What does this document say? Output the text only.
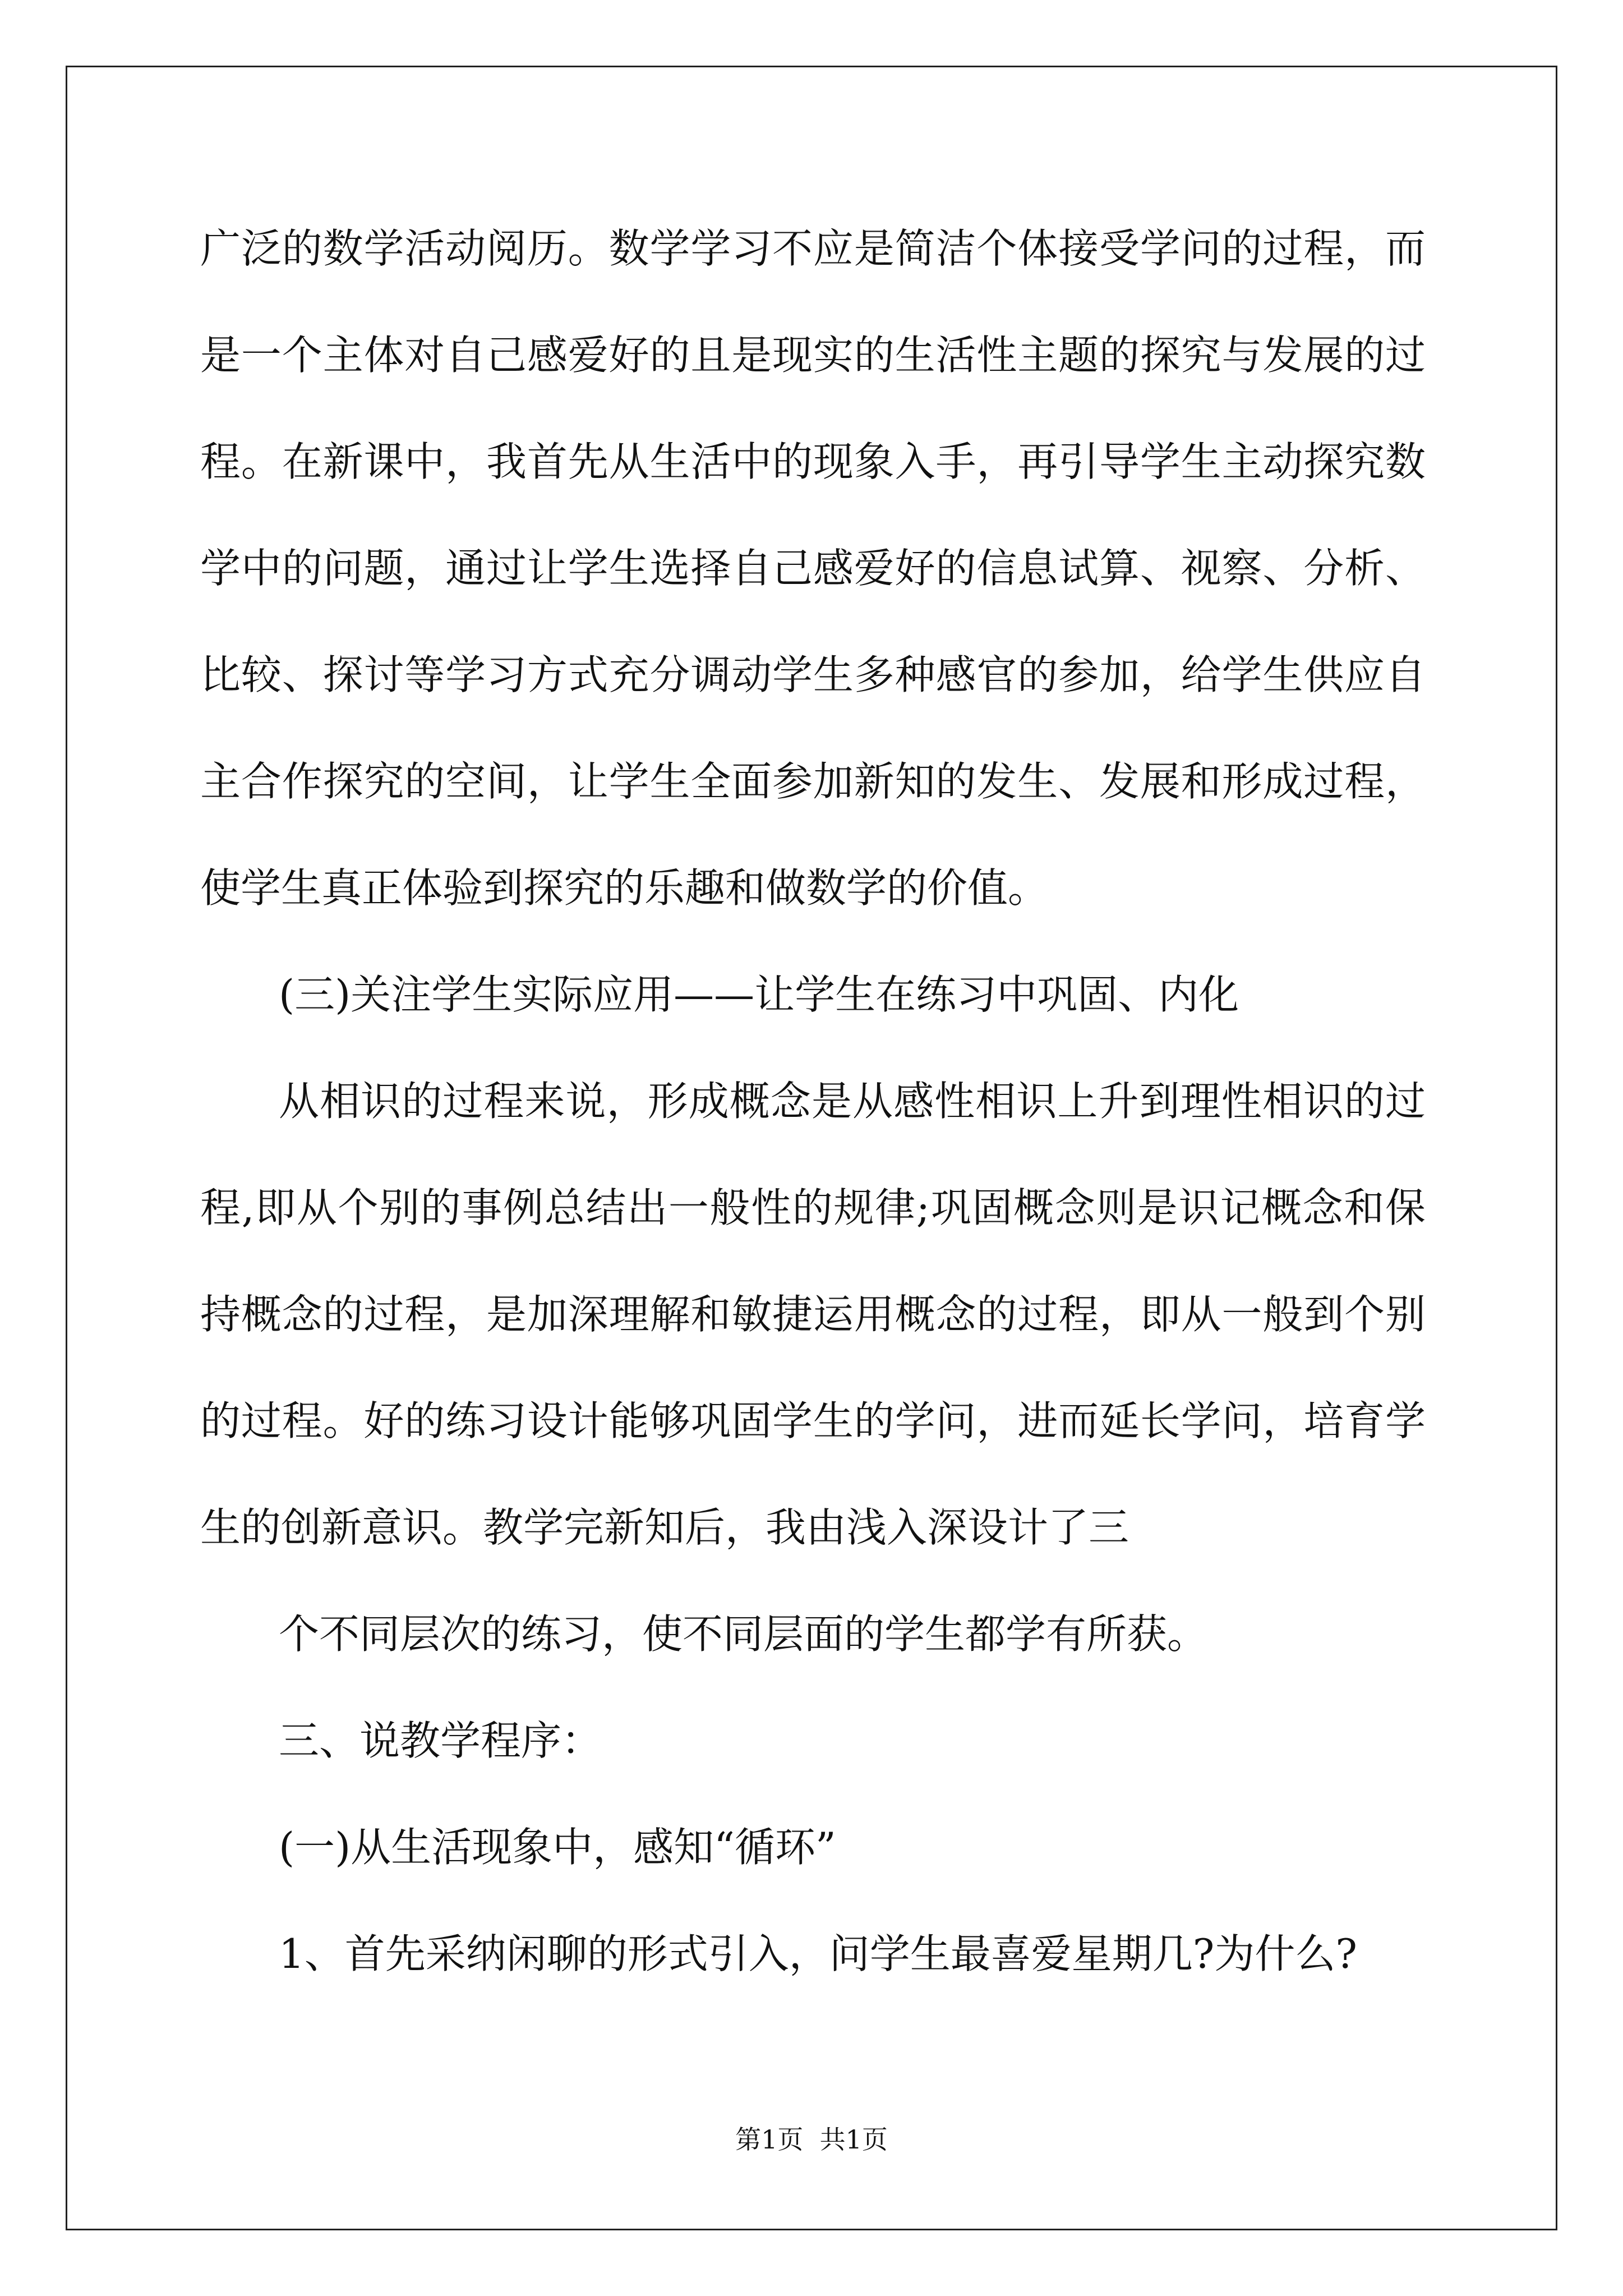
广泛的数学活动阅历。数学学习不应是简洁个体接受学问的过程，而
是一个主体对自己感爱好的且是现实的生活性主题的探究与发展的过
程。在新课中，我首先从生活中的现象入手，再引导学生主动探究数
学中的问题，通过让学生选择自己感爱好的信息试算、视察、分析、
比较、探讨等学习方式充分调动学生多种感官的参加，给学生供应自
主合作探究的空间，让学生全面参加新知的发生、发展和形成过程，
使学生真正体验到探究的乐趣和做数学的价值。
(三)关注学生实际应用——让学生在练习中巩固、内化
从相识的过程来说，形成概念是从感性相识上升到理性相识的过
程,即从个别的事例总结出一般性的规律;巩固概念则是识记概念和保
持概念的过程，是加深理解和敏捷运用概念的过程，即从一般到个别
的过程。好的练习设计能够巩固学生的学问，进而延长学问，培育学
生的创新意识。教学完新知后，我由浅入深设计了三
个不同层次的练习，使不同层面的学生都学有所获。
三、说教学程序：
(一)从生活现象中，感知“循环”
1、首先采纳闲聊的形式引入，问学生最喜爱星期几?为什么?
第1页  共1页
